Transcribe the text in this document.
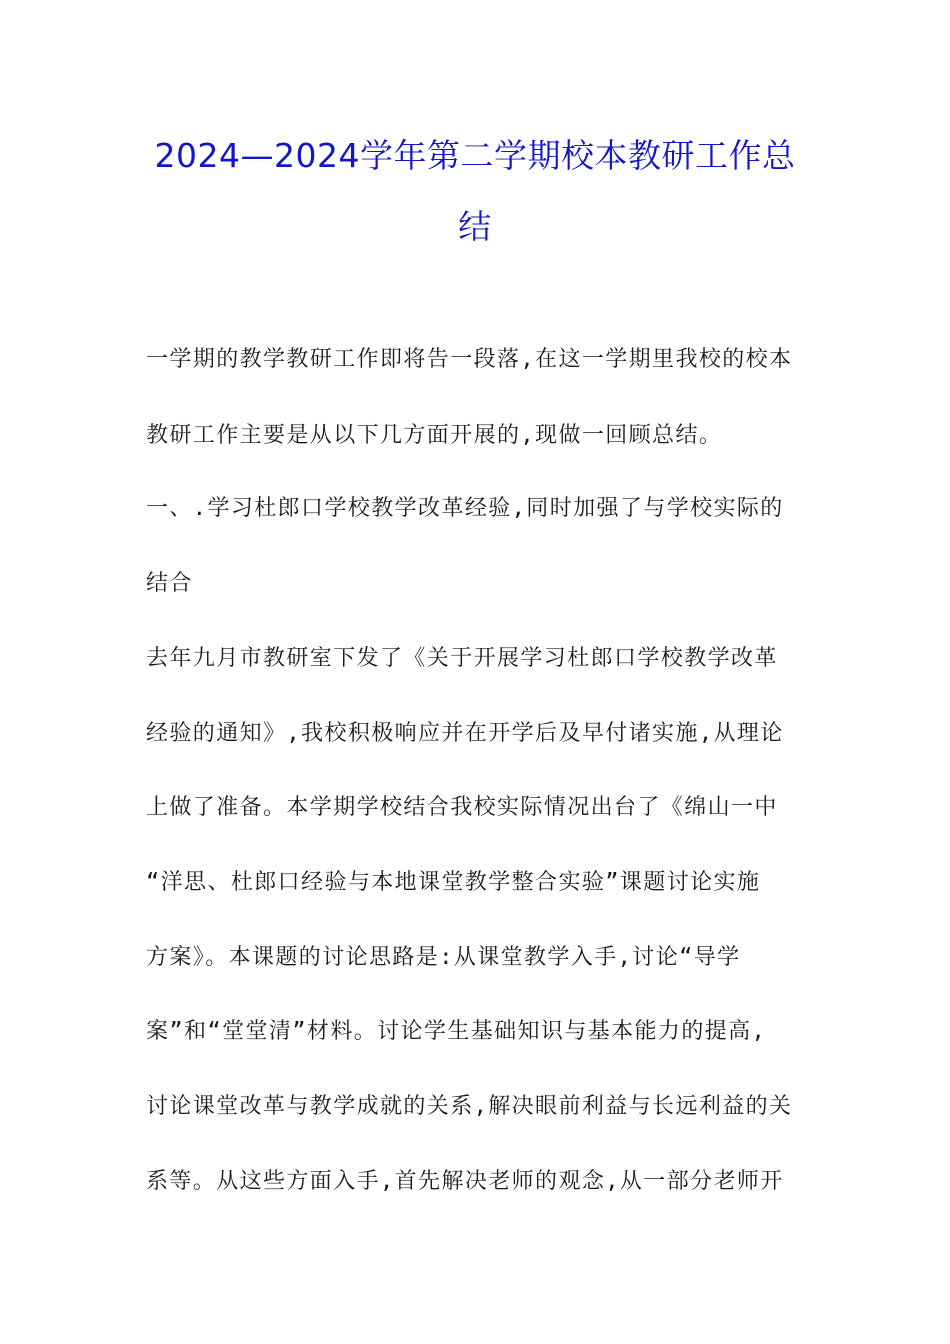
2024—2024学年第二学期校本教研工作总
结
一学期的教学教研工作即将告一段落,在这一学期里我校的校本
教研工作主要是从以下几方面开展的,现做一回顾总结。
一、.学习杜郎口学校教学改革经验,同时加强了与学校实际的
结合
去年九月市教研室下发了《关于开展学习杜郎口学校教学改革
经验的通知》,我校积极响应并在开学后及早付诸实施,从理论
上做了准备。本学期学校结合我校实际情况出台了《绵山一中
“洋思、杜郎口经验与本地课堂教学整合实验”课题讨论实施
方案》。本课题的讨论思路是:从课堂教学入手,讨论“导学
案”和“堂堂清”材料。讨论学生基础知识与基本能力的提高,
讨论课堂改革与教学成就的关系,解决眼前利益与长远利益的关
系等。从这些方面入手,首先解决老师的观念,从一部分老师开
